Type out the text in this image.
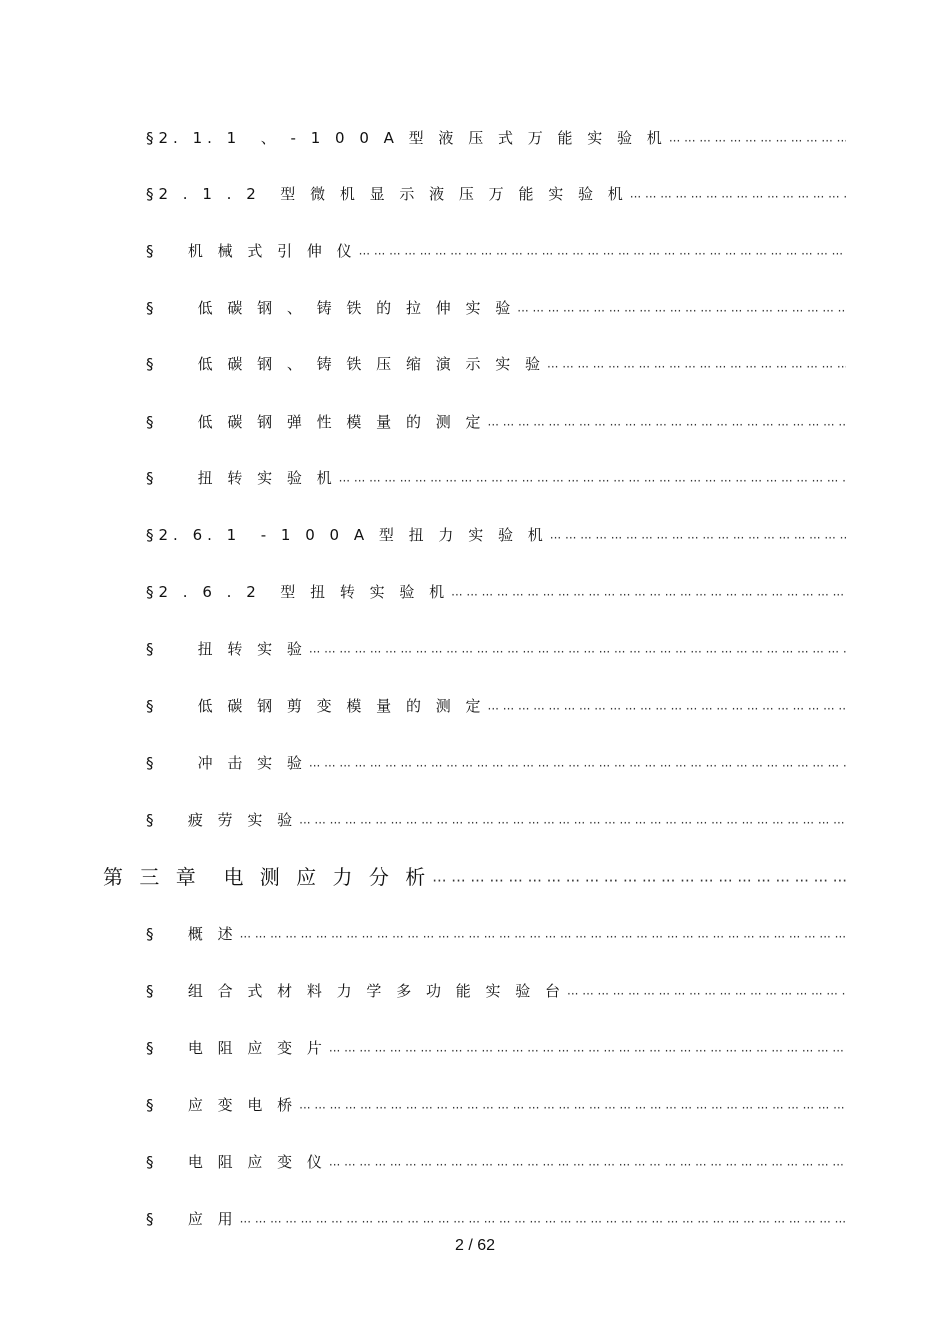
§2. 1. 1 、 - 1 0 0 A 型 液 压 式 万 能 实 验 机
··· ·
§2 . 1 . 2 型 微 机 显 示 液 压 万 能 实 验 机
··· ·
§ 机 械 式 引 伸 仪
··· ·
§	低 碳 钢 、 铸 铁 的 拉 伸 实 验
··· ·
§	低 碳 钢 、 铸 铁 压 缩 演 示 实 验
··· ·
§	低 碳 钢 弹 性 模 量 的 测 定
··· ·
§	扭 转 实 验 机
··· ·
§2. 6. 1 - 1 0 0 A 型 扭 力 实 验 机
··· ·
§2 . 6 . 2 型 扭 转 实 验 机
··· ·
§	扭 转 实 验
··· ·
§	低 碳 钢 剪 变 模 量 的 测 定
··· ·
§	冲 击 实 验
··· ·
§ 疲 劳 实 验
··· ·
第 三 章 电 测 应 力 分 析
··· ·
§ 概 述
··· ·
§ 组 合 式 材 料 力 学 多 功 能 实 验 台
··· ·
§ 电 阻 应 变 片
··· ·
§ 应 变 电 桥
··· ·
§ 电 阻 应 变 仪
··· ·
§ 应 用
··· ·
2 / 62
